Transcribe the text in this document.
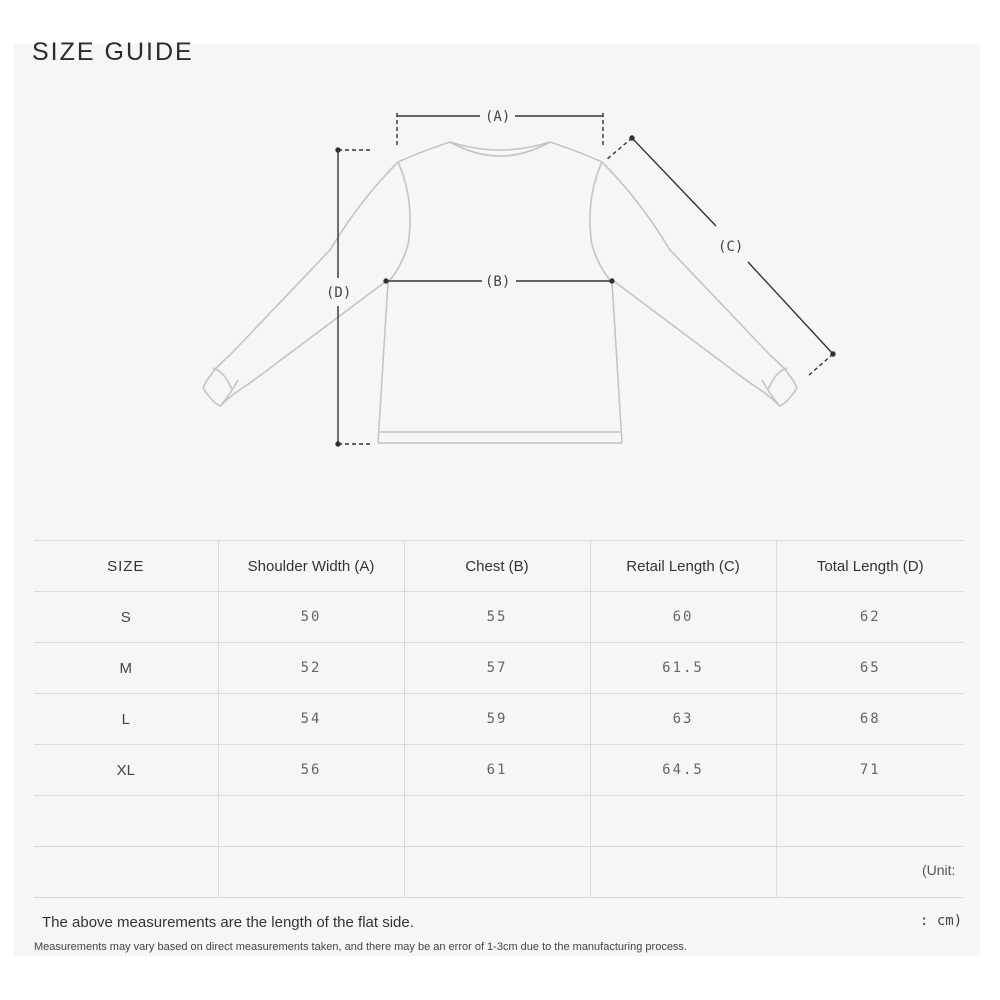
SIZE GUIDE
(A)
(B)
(C)
(D)
SIZE	Shoulder Width (A)	Chest (B)	Retail Length (C)	Total Length (D)
S	50	55	60	62
M	52	57	61.5	65
L	54	59	63	68
XL	56	61	64.5	71

(Unit:
The above measurements are the length of the flat side.	: cm)
Measurements may vary based on direct measurements taken, and there may be an error of 1-3cm due to the manufacturing process.
